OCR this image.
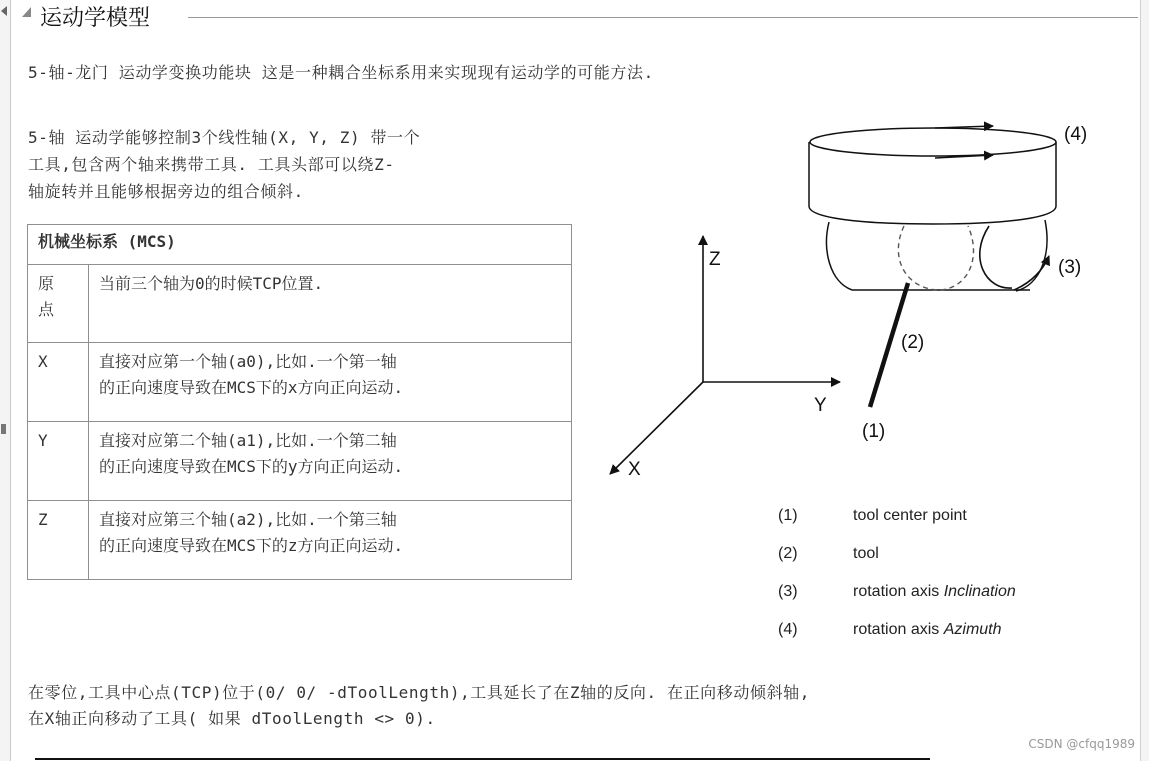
运动学模型
5-轴-龙门 运动学变换功能块 这是一种耦合坐标系用来实现现有运动学的可能方法.
5-轴 运动学能够控制3个线性轴(X, Y, Z) 带一个
工具,包含两个轴来携带工具. 工具头部可以绕Z-
轴旋转并且能够根据旁边的组合倾斜.
机械坐标系 (MCS)	

原
点	当前三个轴为0的时候TCP位置.

X	直接对应第一个轴(a0),比如.一个第一轴
的正向速度导致在MCS下的x方向正向运动.

Y	直接对应第二个轴(a1),比如.一个第二轴
的正向速度导致在MCS下的y方向正向运动.

Z	直接对应第三个轴(a2),比如.一个第三轴
的正向速度导致在MCS下的z方向正向运动.
Z
Y
X
(4)
(3)
(2)
(1)
(1)	tool center point
(2)	tool
(3)	rotation axis Inclination
(4)	rotation axis Azimuth
在零位,工具中心点(TCP)位于(0/ 0/ -dToolLength),工具延长了在Z轴的反向. 在正向移动倾斜轴,
在X轴正向移动了工具( 如果 dToolLength <> 0).
CSDN @cfqq1989
